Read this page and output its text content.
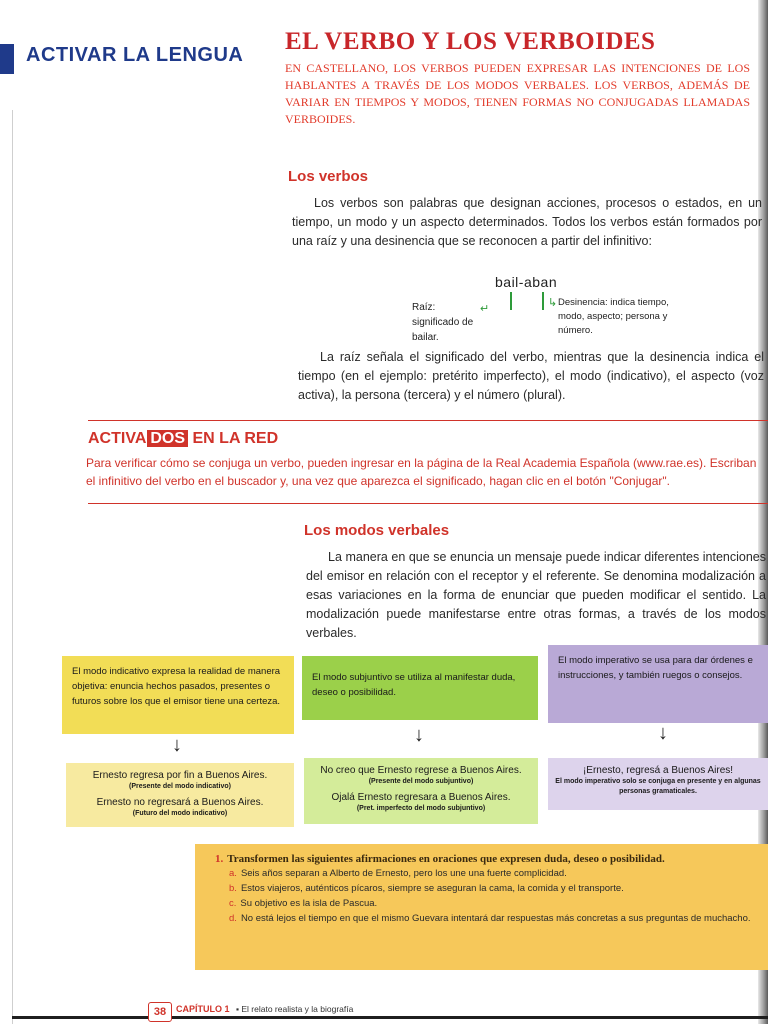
ACTIVAR LA LENGUA EL VERBO Y LOS VERBOIDES
EN CASTELLANO, LOS VERBOS PUEDEN EXPRESAR LAS INTENCIONES DE LOS HABLANTES A TRAVÉS DE LOS MODOS VERBALES. LOS VERBOS, ADEMÁS DE VARIAR EN TIEMPOS Y MODOS, TIENEN FORMAS NO CONJUGADAS LLAMADAS VERBOIDES.
Los verbos
Los verbos son palabras que designan acciones, procesos o estados, en un tiempo, un modo y un aspecto determinados. Todos los verbos están formados por una raíz y una desinencia que se reconocen a partir del infinitivo:
bail-aban
↵	↳
Raíz: significado de bailar.
Desinencia: indica tiempo, modo, aspecto; persona y número.
La raíz señala el significado del verbo, mientras que la desinencia indica el tiempo (en el ejemplo: pretérito imperfecto), el modo (indicativo), el aspecto (voz activa), la persona (tercera) y el número (plural).
ACTIVA DOS EN LA RED
Para verificar cómo se conjuga un verbo, pueden ingresar en la página de la Real Academia Española (www.rae.es). Escriban el infinitivo del verbo en el buscador y, una vez que aparezca el significado, hagan clic en el botón "Conjugar".
Los modos verbales
La manera en que se enuncia un mensaje puede indicar diferentes intenciones del emisor en relación con el receptor y el referente. Se denomina modalización a esas variaciones en la forma de enunciar que pueden modificar el sentido. La modalización puede manifestarse entre otras formas, a través de los modos verbales.
El modo indicativo expresa la realidad de manera objetiva: enuncia hechos pasados, presentes o futuros sobre los que el emisor tiene una certeza.
El modo subjuntivo se utiliza al manifestar duda, deseo o posibilidad.
El modo imperativo se usa para dar órdenes e instrucciones, y también ruegos o consejos.
↓	↓	↓
Ernesto regresa por fin a Buenos Aires.
(Presente del modo indicativo)
Ernesto no regresará a Buenos Aires.
(Futuro del modo indicativo)
No creo que Ernesto regrese a Buenos Aires.
(Presente del modo subjuntivo)
Ojalá Ernesto regresara a Buenos Aires.
(Pret. imperfecto del modo subjuntivo)
¡Ernesto, regresá a Buenos Aires!
El modo imperativo solo se conjuga en presente y en algunas personas gramaticales.
1. Transformen las siguientes afirmaciones en oraciones que expresen duda, deseo o posibilidad.
a. Seis años separan a Alberto de Ernesto, pero los une una fuerte complicidad.
b. Estos viajeros, auténticos pícaros, siempre se aseguran la cama, la comida y el transporte.
c. Su objetivo es la isla de Pascua.
d. No está lejos el tiempo en que el mismo Guevara intentará dar respuestas más concretas a sus preguntas de muchacho.
38	CAPÍTULO 1 ▪ El relato realista y la biografía
